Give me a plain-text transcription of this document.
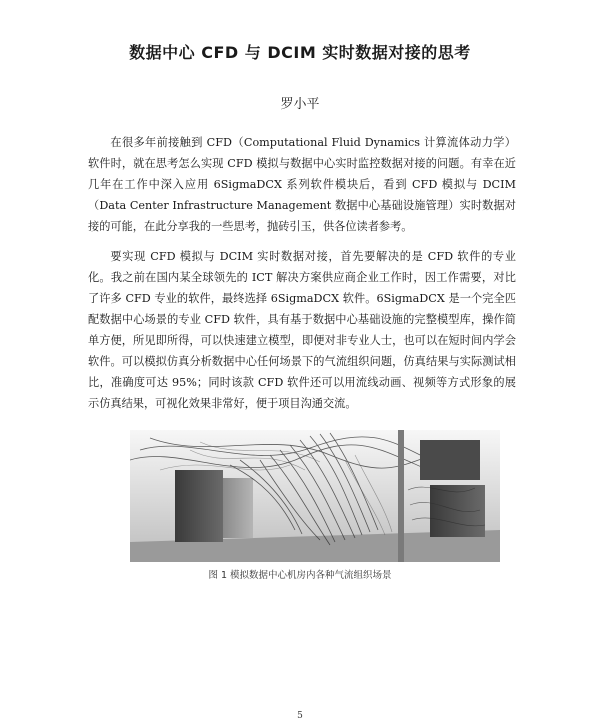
数据中心 CFD 与 DCIM 实时数据对接的思考
罗小平

在很多年前接触到 CFD（Computational Fluid Dynamics 计算流体动力学）软件时，就在思考怎么实现 CFD 模拟与数据中心实时监控数据对接的问题。有幸在近几年在工作中深入应用 6SigmaDCX 系列软件模块后，看到 CFD 模拟与 DCIM（Data Center Infrastructure Management 数据中心基础设施管理）实时数据对接的可能，在此分享我的一些思考，抛砖引玉，供各位读者参考。

要实现 CFD 模拟与 DCIM 实时数据对接，首先要解决的是 CFD 软件的专业化。我之前在国内某全球领先的 ICT 解决方案供应商企业工作时，因工作需要，对比了许多 CFD 专业的软件，最终选择 6SigmaDCX 软件。6SigmaDCX 是一个完全匹配数据中心场景的专业 CFD 软件，具有基于数据中心基础设施的完整模型库，操作简单方便，所见即所得，可以快速建立模型，即便对非专业人士，也可以在短时间内学会软件。可以模拟仿真分析数据中心任何场景下的气流组织问题，仿真结果与实际测试相比，准确度可达 95%；同时该款 CFD 软件还可以用流线动画、视频等方式形象的展示仿真结果，可视化效果非常好，便于项目沟通交流。

图 1 模拟数据中心机房内各种气流组织场景
5
